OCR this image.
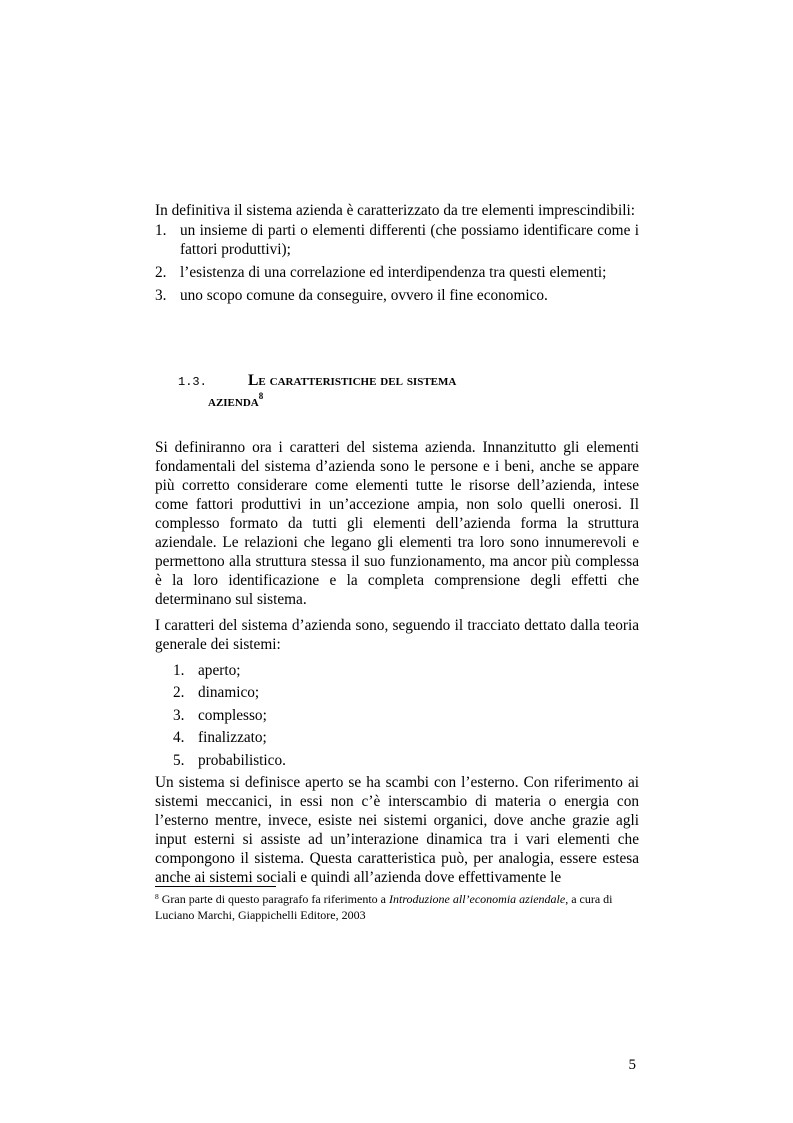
In definitiva il sistema azienda è caratterizzato da tre elementi imprescindibili:

1. un insieme di parti o elementi differenti (che possiamo identificare come i fattori produttivi);
2. l’esistenza di una correlazione ed interdipendenza tra questi elementi;
3. uno scopo comune da conseguire, ovvero il fine economico.
1.3.	Le caratteristiche del sistema
azienda$^8$

Si definiranno ora i caratteri del sistema azienda. Innanzitutto gli elementi fondamentali del sistema d’azienda sono le persone e i beni, anche se appare più corretto considerare come elementi tutte le risorse dell’azienda, intese come fattori produttivi in un’accezione ampia, non solo quelli onerosi. Il complesso formato da tutti gli elementi dell’azienda forma la struttura aziendale. Le relazioni che legano gli elementi tra loro sono innumerevoli e permettono alla struttura stessa il suo funzionamento, ma ancor più complessa è la loro identificazione e la completa comprensione degli effetti che determinano sul sistema.

I caratteri del sistema d’azienda sono, seguendo il tracciato dettato dalla teoria generale dei sistemi:

1. aperto;
2. dinamico;
3. complesso;
4. finalizzato;
5. probabilistico.

Un sistema si definisce aperto se ha scambi con l’esterno. Con riferimento ai sistemi meccanici, in essi non c’è interscambio di materia o energia con l’esterno mentre, invece, esiste nei sistemi organici, dove anche grazie agli input esterni si assiste ad un’interazione dinamica tra i vari elementi che compongono il sistema. Questa caratteristica può, per analogia, essere estesa anche ai sistemi sociali e quindi all’azienda dove effettivamente le

$^8$ Gran parte di questo paragrafo fa riferimento a Introduzione all’economia aziendale, a cura di Luciano Marchi, Giappichelli Editore, 2003
5
